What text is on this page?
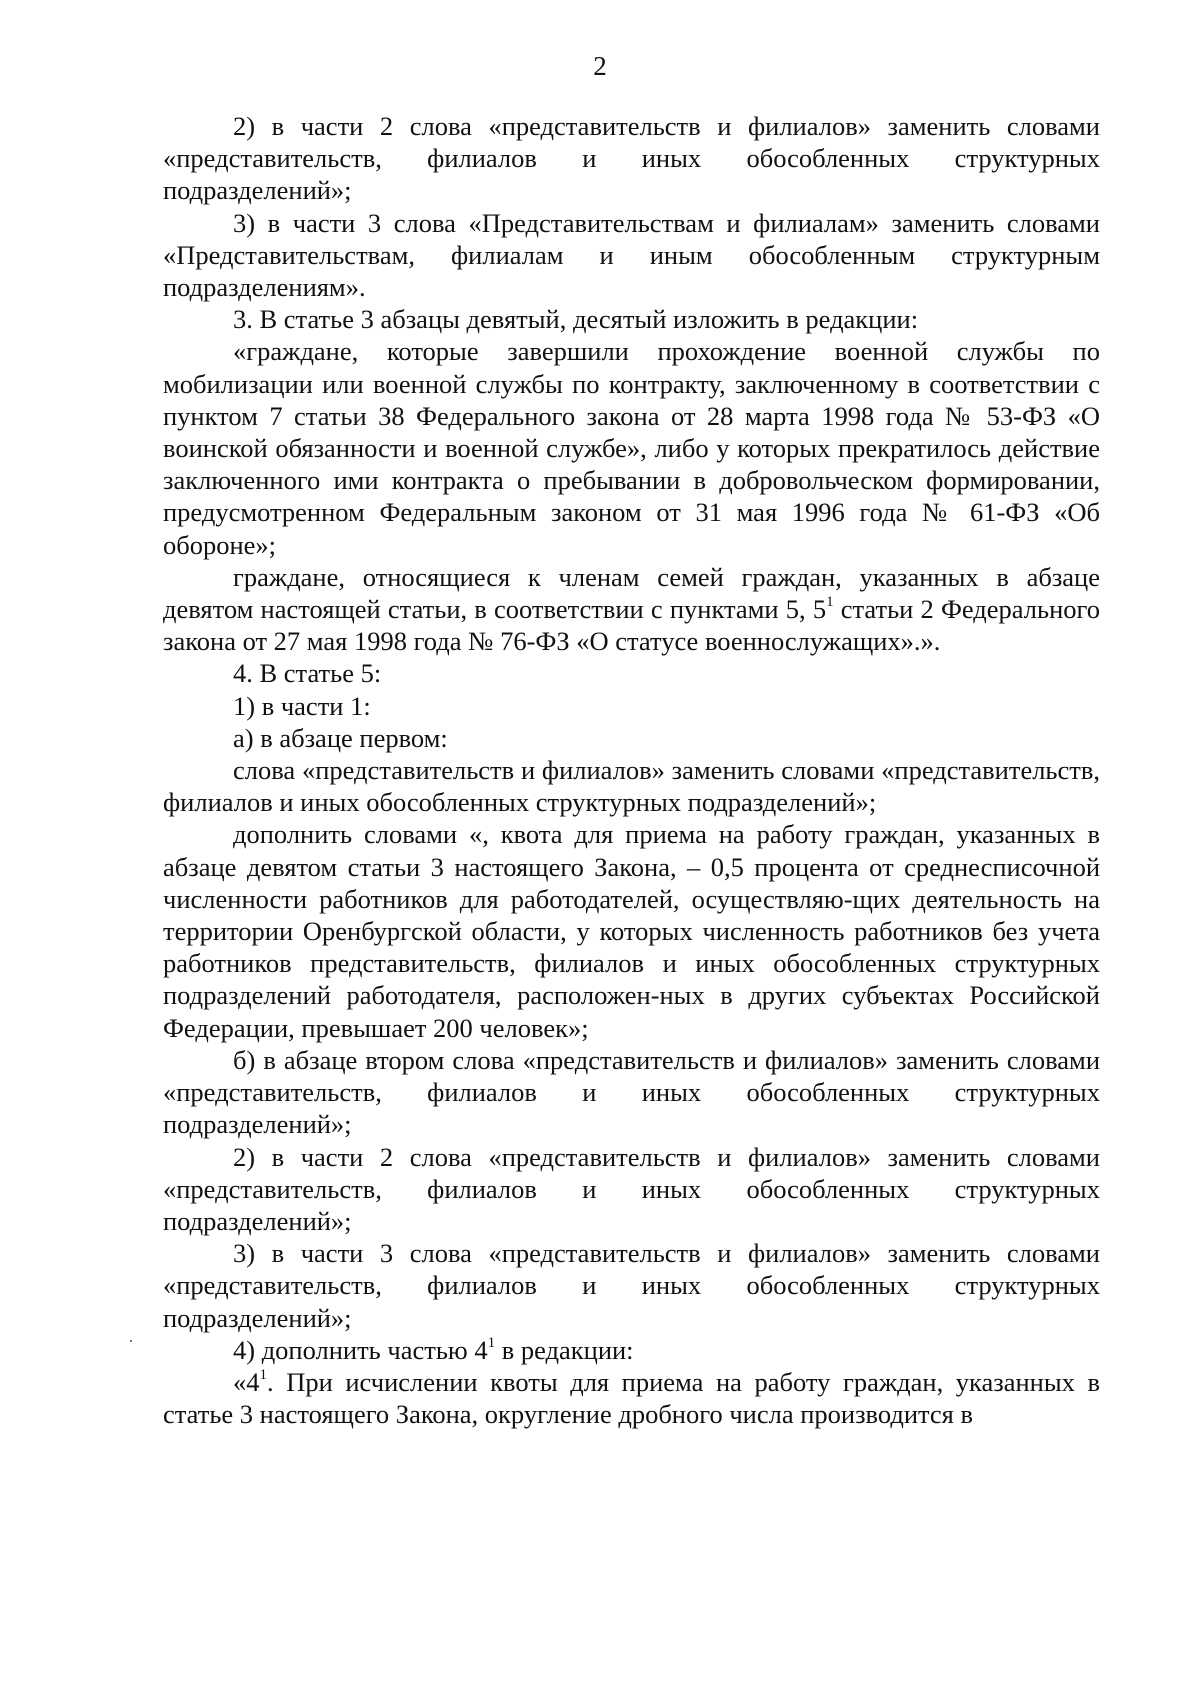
2

2) в части 2 слова «представительств и филиалов» заменить словами «представительств, филиалов и иных обособленных структурных подразделений»;

3) в части 3 слова «Представительствам и филиалам» заменить словами «Представительствам, филиалам и иным обособленным структурным подразделениям».

3. В статье 3 абзацы девятый, десятый изложить в редакции:

«граждане, которые завершили прохождение военной службы по мобилизации или военной службы по контракту, заключенному в соответствии с пунктом 7 статьи 38 Федерального закона от 28 марта 1998 года № 53-ФЗ «О воинской обязанности и военной службе», либо у которых прекратилось действие заключенного ими контракта о пребывании в добровольческом формировании, предусмотренном Федеральным законом от 31 мая 1996 года № 61-ФЗ «Об обороне»;

граждане, относящиеся к членам семей граждан, указанных в абзаце девятом настоящей статьи, в соответствии с пунктами 5, $5^1$ статьи 2 Федерального закона от 27 мая 1998 года № 76-ФЗ «О статусе военнослужащих».».

4. В статье 5:

1) в части 1:

а) в абзаце первом:

слова «представительств и филиалов» заменить словами «представительств, филиалов и иных обособленных структурных подразделений»;

дополнить словами «, квота для приема на работу граждан, указанных в абзаце девятом статьи 3 настоящего Закона, – 0,5 процента от среднесписочной численности работников для работодателей, осуществляю-щих деятельность на территории Оренбургской области, у которых численность работников без учета работников представительств, филиалов и иных обособленных структурных подразделений работодателя, расположен-ных в других субъектах Российской Федерации, превышает 200 человек»;

б) в абзаце втором слова «представительств и филиалов» заменить словами «представительств, филиалов и иных обособленных структурных подразделений»;

2) в части 2 слова «представительств и филиалов» заменить словами «представительств, филиалов и иных обособленных структурных подразделений»;

3) в части 3 слова «представительств и филиалов» заменить словами «представительств, филиалов и иных обособленных структурных подразделений»;

4) дополнить частью $4^1$ в редакции:

«$4^1$. При исчислении квоты для приема на работу граждан, указанных в статье 3 настоящего Закона, округление дробного числа производится в
